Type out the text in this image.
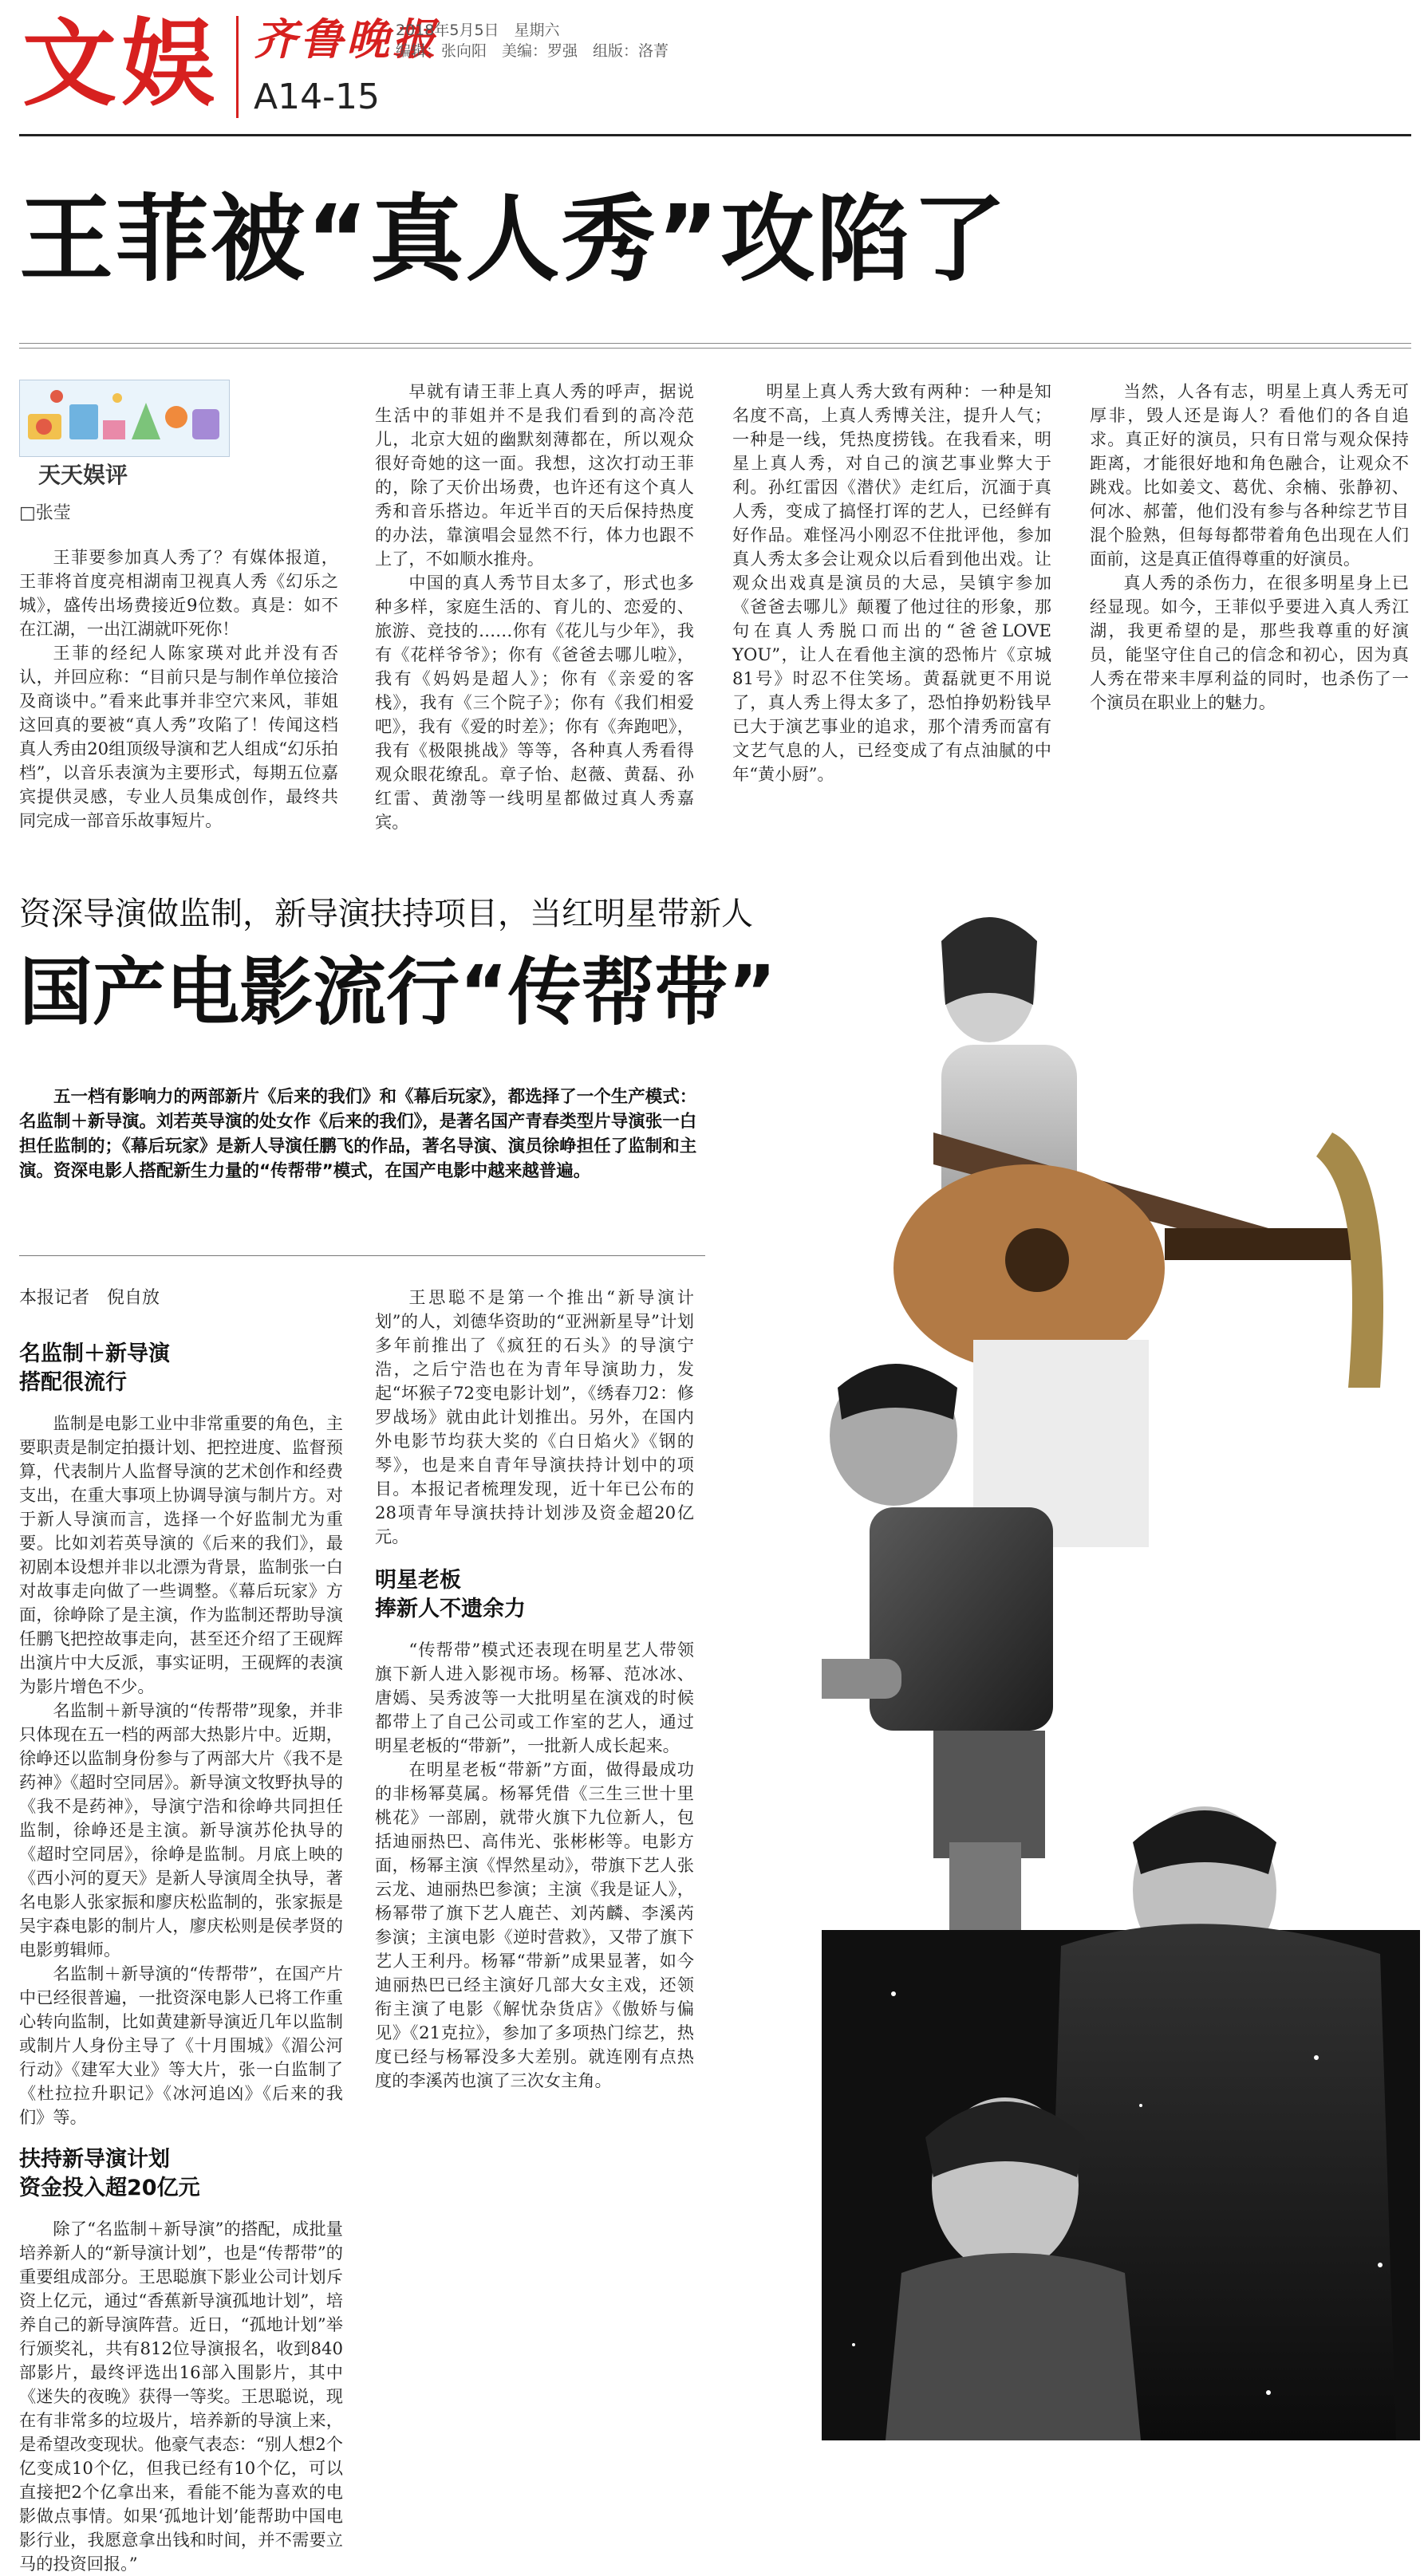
文娱 齐鲁晚报
A14-15
2018年5月5日　星期六
编辑：张向阳　美编：罗强　组版：洛菁
王菲被“真人秀”攻陷了
天天娱评
□张莹

王菲要参加真人秀了？有媒体报道，王菲将首度亮相湖南卫视真人秀《幻乐之城》，盛传出场费接近9位数。真是：如不在江湖，一出江湖就吓死你！

王菲的经纪人陈家瑛对此并没有否认，并回应称：“目前只是与制作单位接洽及商谈中。”看来此事并非空穴来风，菲姐这回真的要被“真人秀”攻陷了！传闻这档真人秀由20组顶级导演和艺人组成“幻乐拍档”，以音乐表演为主要形式，每期五位嘉宾提供灵感，专业人员集成创作，最终共同完成一部音乐故事短片。

早就有请王菲上真人秀的呼声，据说生活中的菲姐并不是我们看到的高冷范儿，北京大妞的幽默刻薄都在，所以观众很好奇她的这一面。我想，这次打动王菲的，除了天价出场费，也许还有这个真人秀和音乐搭边。年近半百的天后保持热度的办法，靠演唱会显然不行，体力也跟不上了，不如顺水推舟。

中国的真人秀节目太多了，形式也多种多样，家庭生活的、育儿的、恋爱的、旅游、竞技的……你有《花儿与少年》，我有《花样爷爷》；你有《爸爸去哪儿啦》，我有《妈妈是超人》；你有《亲爱的客栈》，我有《三个院子》；你有《我们相爱吧》，我有《爱的时差》；你有《奔跑吧》，我有《极限挑战》等等，各种真人秀看得观众眼花缭乱。章子怡、赵薇、黄磊、孙红雷、黄渤等一线明星都做过真人秀嘉宾。

明星上真人秀大致有两种：一种是知名度不高，上真人秀博关注，提升人气；一种是一线，凭热度捞钱。在我看来，明星上真人秀，对自己的演艺事业弊大于利。孙红雷因《潜伏》走红后，沉湎于真人秀，变成了搞怪打诨的艺人，已经鲜有好作品。难怪冯小刚忍不住批评他，参加真人秀太多会让观众以后看到他出戏。让观众出戏真是演员的大忌，吴镇宇参加《爸爸去哪儿》颠覆了他过往的形象，那句在真人秀脱口而出的“爸爸LOVE YOU”，让人在看他主演的恐怖片《京城81号》时忍不住笑场。黄磊就更不用说了，真人秀上得太多了，恐怕挣奶粉钱早已大于演艺事业的追求，那个清秀而富有文艺气息的人，已经变成了有点油腻的中年“黄小厨”。

当然，人各有志，明星上真人秀无可厚非，毁人还是诲人？看他们的各自追求。真正好的演员，只有日常与观众保持距离，才能很好地和角色融合，让观众不跳戏。比如姜文、葛优、余楠、张静初、何冰、郝蕾，他们没有参与各种综艺节目混个脸熟，但每每都带着角色出现在人们面前，这是真正值得尊重的好演员。

真人秀的杀伤力，在很多明星身上已经显现。如今，王菲似乎要进入真人秀江湖，我更希望的是，那些我尊重的好演员，能坚守住自己的信念和初心，因为真人秀在带来丰厚利益的同时，也杀伤了一个演员在职业上的魅力。

资深导演做监制，新导演扶持项目，当红明星带新人
国产电影流行“传帮带”

五一档有影响力的两部新片《后来的我们》和《幕后玩家》，都选择了一个生产模式：名监制＋新导演。刘若英导演的处女作《后来的我们》，是著名国产青春类型片导演张一白担任监制的；《幕后玩家》是新人导演任鹏飞的作品，著名导演、演员徐峥担任了监制和主演。资深电影人搭配新生力量的“传帮带”模式，在国产电影中越来越普遍。

本报记者　倪自放
名监制＋新导演
搭配很流行

监制是电影工业中非常重要的角色，主要职责是制定拍摄计划、把控进度、监督预算，代表制片人监督导演的艺术创作和经费支出，在重大事项上协调导演与制片方。对于新人导演而言，选择一个好监制尤为重要。比如刘若英导演的《后来的我们》，最初剧本设想并非以北漂为背景，监制张一白对故事走向做了一些调整。《幕后玩家》方面，徐峥除了是主演，作为监制还帮助导演任鹏飞把控故事走向，甚至还介绍了王砚辉出演片中大反派，事实证明，王砚辉的表演为影片增色不少。

名监制＋新导演的“传帮带”现象，并非只体现在五一档的两部大热影片中。近期，徐峥还以监制身份参与了两部大片《我不是药神》《超时空同居》。新导演文牧野执导的《我不是药神》，导演宁浩和徐峥共同担任监制，徐峥还是主演。新导演苏伦执导的《超时空同居》，徐峥是监制。月底上映的《西小河的夏天》是新人导演周全执导，著名电影人张家振和廖庆松监制的，张家振是吴宇森电影的制片人，廖庆松则是侯孝贤的电影剪辑师。

名监制＋新导演的“传帮带”，在国产片中已经很普遍，一批资深电影人已将工作重心转向监制，比如黄建新导演近几年以监制或制片人身份主导了《十月围城》《湄公河行动》《建军大业》等大片，张一白监制了《杜拉拉升职记》《冰河追凶》《后来的我们》等。

扶持新导演计划
资金投入超20亿元

除了“名监制＋新导演”的搭配，成批量培养新人的“新导演计划”，也是“传帮带”的重要组成部分。王思聪旗下影业公司计划斥资上亿元，通过“香蕉新导演孤地计划”，培养自己的新导演阵营。近日，“孤地计划”举行颁奖礼，共有812位导演报名，收到840部影片，最终评选出16部入围影片，其中《迷失的夜晚》获得一等奖。王思聪说，现在有非常多的垃圾片，培养新的导演上来，是希望改变现状。他豪气表态：“别人想2个亿变成10个亿，但我已经有10个亿，可以直接把2个亿拿出来，看能不能为喜欢的电影做点事情。如果‘孤地计划’能帮助中国电影行业，我愿意拿出钱和时间，并不需要立马的投资回报。”

王思聪不是第一个推出“新导演计划”的人，刘德华资助的“亚洲新星导”计划多年前推出了《疯狂的石头》的导演宁浩，之后宁浩也在为青年导演助力，发起“坏猴子72变电影计划”，《绣春刀2：修罗战场》就由此计划推出。另外，在国内外电影节均获大奖的《白日焰火》《钢的琴》，也是来自青年导演扶持计划中的项目。本报记者梳理发现，近十年已公布的28项青年导演扶持计划涉及资金超20亿元。

明星老板
捧新人不遗余力

“传帮带”模式还表现在明星艺人带领旗下新人进入影视市场。杨幂、范冰冰、唐嫣、吴秀波等一大批明星在演戏的时候都带上了自己公司或工作室的艺人，通过明星老板的“带新”，一批新人成长起来。

在明星老板“带新”方面，做得最成功的非杨幂莫属。杨幂凭借《三生三世十里桃花》一部剧，就带火旗下九位新人，包括迪丽热巴、高伟光、张彬彬等。电影方面，杨幂主演《悍然星动》，带旗下艺人张云龙、迪丽热巴参演；主演《我是证人》，杨幂带了旗下艺人鹿芒、刘芮麟、李溪芮参演；主演电影《逆时营救》，又带了旗下艺人王利丹。杨幂“带新”成果显著，如今迪丽热巴已经主演好几部大女主戏，还领衔主演了电影《解忧杂货店》《傲娇与偏见》《21克拉》，参加了多项热门综艺，热度已经与杨幂没多大差别。就连刚有点热度的李溪芮也演了三次女主角。
